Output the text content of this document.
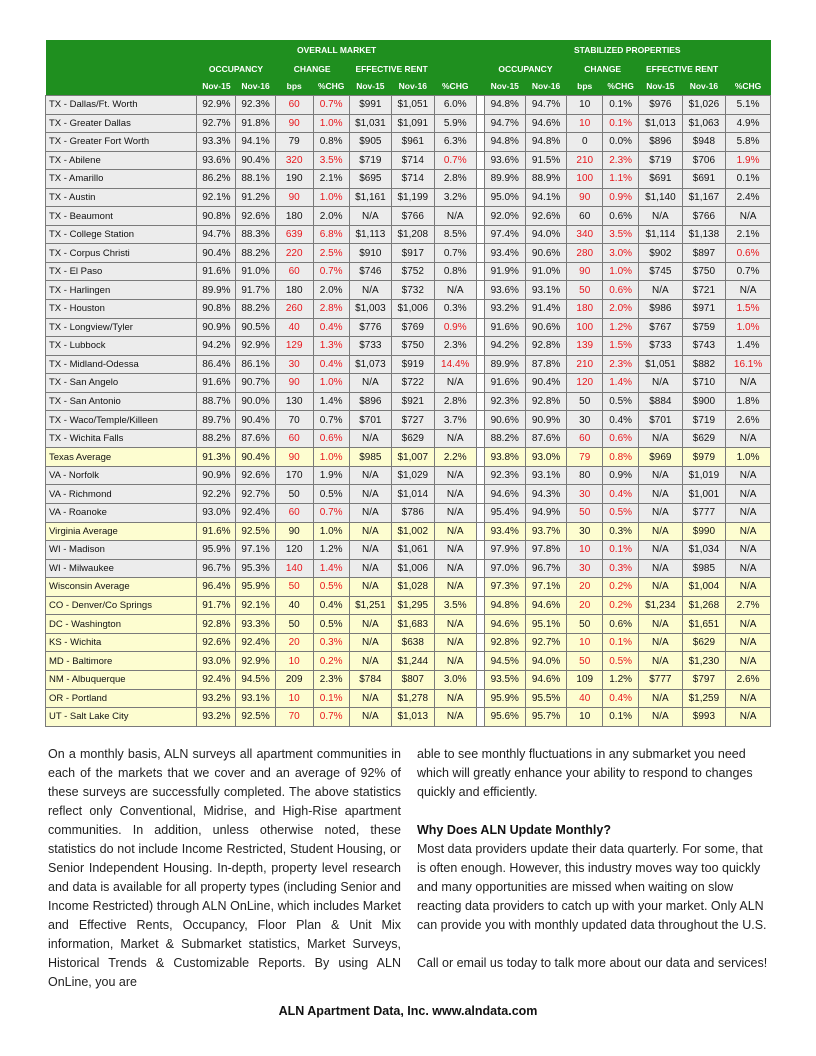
	OVERALL MARKET								STABILIZED PROPERTIES						
	OCCUPANCY		CHANGE		EFFECTIVE RENT				OCCUPANCY		CHANGE		EFFECTIVE RENT		
	Nov-15	Nov-16	bps	%CHG	Nov-15	Nov-16	%CHG		Nov-15	Nov-16	bps	%CHG	Nov-15	Nov-16	%CHG
TX - Dallas/Ft. Worth	92.9%	92.3%	60	0.7%	$991	$1,051	6.0%		94.8%	94.7%	10	0.1%	$976	$1,026	5.1%
TX - Greater Dallas	92.7%	91.8%	90	1.0%	$1,031	$1,091	5.9%		94.7%	94.6%	10	0.1%	$1,013	$1,063	4.9%
TX - Greater Fort Worth	93.3%	94.1%	79	0.8%	$905	$961	6.3%		94.8%	94.8%	0	0.0%	$896	$948	5.8%
TX - Abilene	93.6%	90.4%	320	3.5%	$719	$714	0.7%		93.6%	91.5%	210	2.3%	$719	$706	1.9%
TX - Amarillo	86.2%	88.1%	190	2.1%	$695	$714	2.8%		89.9%	88.9%	100	1.1%	$691	$691	0.1%
TX - Austin	92.1%	91.2%	90	1.0%	$1,161	$1,199	3.2%		95.0%	94.1%	90	0.9%	$1,140	$1,167	2.4%
TX - Beaumont	90.8%	92.6%	180	2.0%	N/A	$766	N/A		92.0%	92.6%	60	0.6%	N/A	$766	N/A
TX - College Station	94.7%	88.3%	639	6.8%	$1,113	$1,208	8.5%		97.4%	94.0%	340	3.5%	$1,114	$1,138	2.1%
TX - Corpus Christi	90.4%	88.2%	220	2.5%	$910	$917	0.7%		93.4%	90.6%	280	3.0%	$902	$897	0.6%
TX - El Paso	91.6%	91.0%	60	0.7%	$746	$752	0.8%		91.9%	91.0%	90	1.0%	$745	$750	0.7%
TX - Harlingen	89.9%	91.7%	180	2.0%	N/A	$732	N/A		93.6%	93.1%	50	0.6%	N/A	$721	N/A
TX - Houston	90.8%	88.2%	260	2.8%	$1,003	$1,006	0.3%		93.2%	91.4%	180	2.0%	$986	$971	1.5%
TX - Longview/Tyler	90.9%	90.5%	40	0.4%	$776	$769	0.9%		91.6%	90.6%	100	1.2%	$767	$759	1.0%
TX - Lubbock	94.2%	92.9%	129	1.3%	$733	$750	2.3%		94.2%	92.8%	139	1.5%	$733	$743	1.4%
TX - Midland-Odessa	86.4%	86.1%	30	0.4%	$1,073	$919	14.4%		89.9%	87.8%	210	2.3%	$1,051	$882	16.1%
TX - San Angelo	91.6%	90.7%	90	1.0%	N/A	$722	N/A		91.6%	90.4%	120	1.4%	N/A	$710	N/A
TX - San Antonio	88.7%	90.0%	130	1.4%	$896	$921	2.8%		92.3%	92.8%	50	0.5%	$884	$900	1.8%
TX - Waco/Temple/Killeen	89.7%	90.4%	70	0.7%	$701	$727	3.7%		90.6%	90.9%	30	0.4%	$701	$719	2.6%
TX - Wichita Falls	88.2%	87.6%	60	0.6%	N/A	$629	N/A		88.2%	87.6%	60	0.6%	N/A	$629	N/A
Texas Average	91.3%	90.4%	90	1.0%	$985	$1,007	2.2%		93.8%	93.0%	79	0.8%	$969	$979	1.0%
VA - Norfolk	90.9%	92.6%	170	1.9%	N/A	$1,029	N/A		92.3%	93.1%	80	0.9%	N/A	$1,019	N/A
VA - Richmond	92.2%	92.7%	50	0.5%	N/A	$1,014	N/A		94.6%	94.3%	30	0.4%	N/A	$1,001	N/A
VA - Roanoke	93.0%	92.4%	60	0.7%	N/A	$786	N/A		95.4%	94.9%	50	0.5%	N/A	$777	N/A
Virginia Average	91.6%	92.5%	90	1.0%	N/A	$1,002	N/A		93.4%	93.7%	30	0.3%	N/A	$990	N/A
WI - Madison	95.9%	97.1%	120	1.2%	N/A	$1,061	N/A		97.9%	97.8%	10	0.1%	N/A	$1,034	N/A
WI - Milwaukee	96.7%	95.3%	140	1.4%	N/A	$1,006	N/A		97.0%	96.7%	30	0.3%	N/A	$985	N/A
Wisconsin Average	96.4%	95.9%	50	0.5%	N/A	$1,028	N/A		97.3%	97.1%	20	0.2%	N/A	$1,004	N/A
CO - Denver/Co Springs	91.7%	92.1%	40	0.4%	$1,251	$1,295	3.5%		94.8%	94.6%	20	0.2%	$1,234	$1,268	2.7%
DC - Washington	92.8%	93.3%	50	0.5%	N/A	$1,683	N/A		94.6%	95.1%	50	0.6%	N/A	$1,651	N/A
KS - Wichita	92.6%	92.4%	20	0.3%	N/A	$638	N/A		92.8%	92.7%	10	0.1%	N/A	$629	N/A
MD - Baltimore	93.0%	92.9%	10	0.2%	N/A	$1,244	N/A		94.5%	94.0%	50	0.5%	N/A	$1,230	N/A
NM - Albuquerque	92.4%	94.5%	209	2.3%	$784	$807	3.0%		93.5%	94.6%	109	1.2%	$777	$797	2.6%
OR - Portland	93.2%	93.1%	10	0.1%	N/A	$1,278	N/A		95.9%	95.5%	40	0.4%	N/A	$1,259	N/A
UT - Salt Lake City	93.2%	92.5%	70	0.7%	N/A	$1,013	N/A		95.6%	95.7%	10	0.1%	N/A	$993	N/A
On a monthly basis, ALN surveys all apartment communities in each of the markets that we cover and an average of 92% of these surveys are successfully completed. The above statistics reflect only Conventional, Midrise, and High-Rise apartment communities. In addition, unless otherwise noted, these statistics do not include Income Restricted, Student Housing, or Senior Independent Housing. In-depth, property level research and data is available for all property types (including Senior and Income Restricted) through ALN OnLine, which includes Market and Effective Rents, Occupancy, Floor Plan & Unit Mix information, Market & Submarket statistics, Market Surveys, Historical Trends & Customizable Reports. By using ALN OnLine, you are

able to see monthly fluctuations in any submarket you need which will greatly enhance your ability to respond to changes quickly and efficiently.

Why Does ALN Update Monthly?

Most data providers update their data quarterly. For some, that is often enough. However, this industry moves way too quickly and many opportunities are missed when waiting on slow reacting data providers to catch up with your market. Only ALN can provide you with monthly updated data throughout the U.S.

Call or email us today to talk more about our data and services!

ALN Apartment Data, Inc. www.alndata.com
